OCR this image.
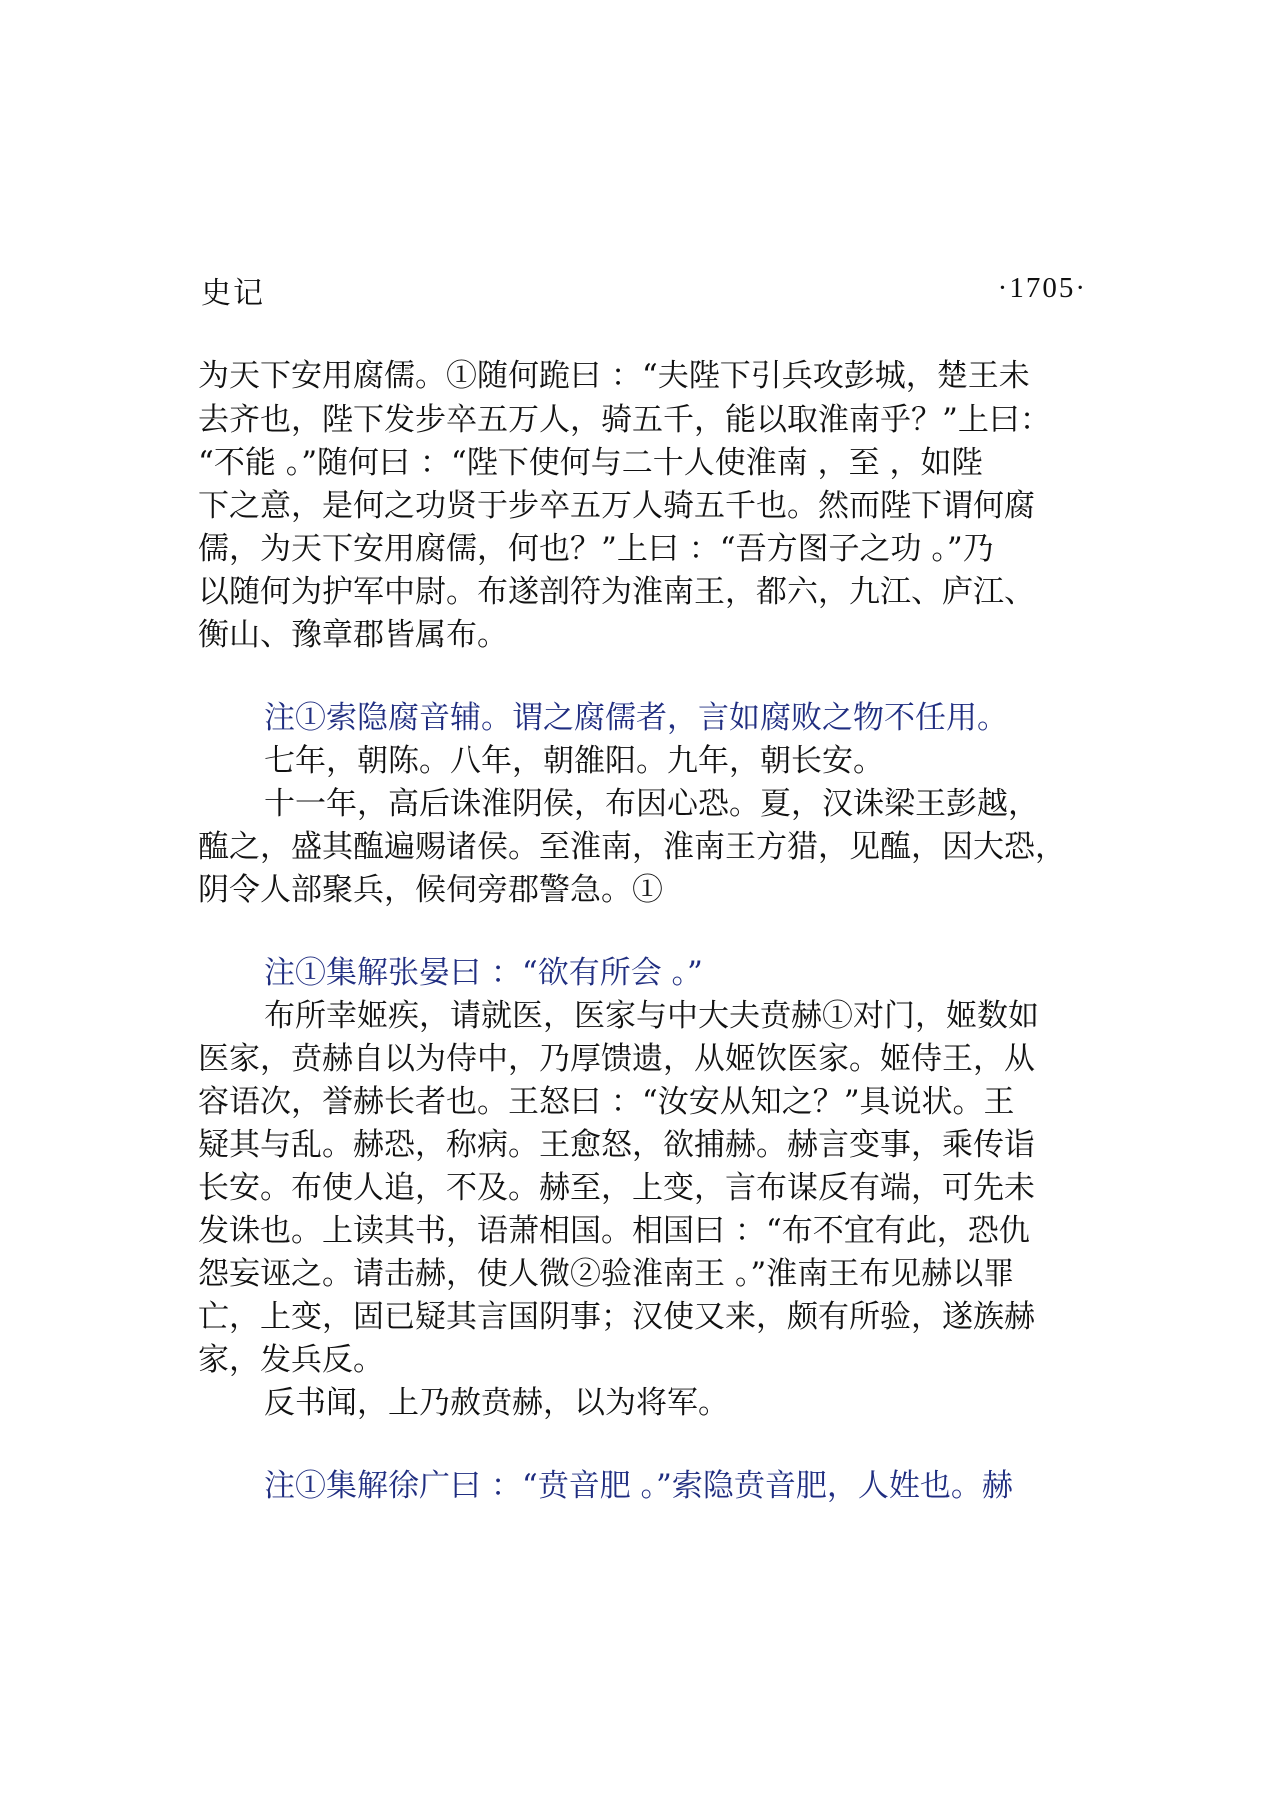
史记	·1705·
为天下安用腐儒。①随何跪曰 ：“夫陛下引兵攻彭城，楚王未
去齐也，陛下发步卒五万人，骑五千，能以取淮南乎？”上曰：
“不能 。”随何曰 ：“陛下使何与二十人使淮南 ，至 ，如陛
下之意，是何之功贤于步卒五万人骑五千也。然而陛下谓何腐
儒，为天下安用腐儒，何也？”上曰 ：“吾方图子之功 。”乃
以随何为护军中尉。布遂剖符为淮南王，都六，九江、庐江、
衡山、豫章郡皆属布。
注①索隐腐音辅。谓之腐儒者，言如腐败之物不任用。
七年，朝陈。八年，朝雒阳。九年，朝长安。
十一年，高后诛淮阴侯，布因心恐。夏，汉诛梁王彭越，
醢之，盛其醢遍赐诸侯。至淮南，淮南王方猎，见醢，因大恐，
阴令人部聚兵，候伺旁郡警急。①
注①集解张晏曰 ：“欲有所会 。”
布所幸姬疾，请就医，医家与中大夫贲赫①对门，姬数如
医家，贲赫自以为侍中，乃厚馈遗，从姬饮医家。姬侍王，从
容语次，誉赫长者也。王怒曰 ：“汝安从知之？”具说状。王
疑其与乱。赫恐，称病。王愈怒，欲捕赫。赫言变事，乘传诣
长安。布使人追，不及。赫至，上变，言布谋反有端，可先未
发诛也。上读其书，语萧相国。相国曰 ：“布不宜有此，恐仇
怨妄诬之。请击赫，使人微②验淮南王 。”淮南王布见赫以罪
亡，上变，固已疑其言国阴事；汉使又来，颇有所验，遂族赫
家，发兵反。
反书闻，上乃赦贲赫，以为将军。
注①集解徐广曰 ：“贲音肥 。”索隐贲音肥，人姓也。赫
